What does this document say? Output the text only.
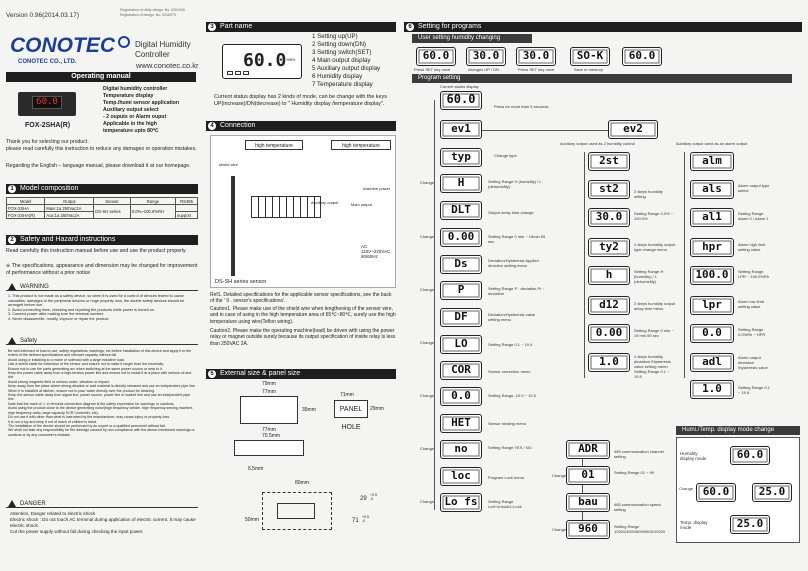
Version 0.96(2014.03.17)
Registration of utility design: No. 0301006
Registration of design: No. 0316973
CONOTEC
CONOTEC CO., LTD.
Digital Humidity
Controller
www.conotec.co.kr
Operating manual
60.0
FOX-2SHA(R)
Digital humidity controller
Temperature display
Temp./humi sensor application
Auxiliary output select
- 2 ouputs or Alarm ouput
Applicable in the high
temperature upto 80℃
Thank you for selecting our product.
please read carefully this instruction to reduce any damages or operation mistakes.
Regarding the English – language manual, please download it at our homepage.
1 Model composition
Model	Output	Sensor	Range	RS485
FOX-2SHA	Main:1a 250Vac2A	DS-SH series	0.0%~100.0%RH	
FOX-2SHA(R)	Aux:1a 250Vac2A			support
2 Safety and Hazard instructions
Read carefully this instruction manual before use and use the product properly.
※ The specifications, appearance and dimension may be changed for improvement of performance without a prior notice
WARNING
1. This product is not made as a safety device, so when it is used for a control of devices feared to cause casualties, damages to the peripheral devices or huge property loss, the double safety devices should be arranged before use.
2. Avoid connecting lines, checking and repairing the products while power is turned on.
3. Connect power after making sure the terminal number.
4. Never disassemble, modify, improve or repair the product.
Safety
Be well-informed of how-to use, safety regulations, warnings, etc before installation of this device and apply it to the extent of the defined specifications and relevant capacity without fail.
Avoid using or installing to a motor or solenoid with a large inductive load.
Use a shield cable for extension of the sensor and ensure not to make it longer than the necessity.
Ensure not to use the parts generating arc when switching at the same power source or near to it.
Keep the power cable away from a high-tension power line and ensure not to install it at a place with serious oil and dirt.
Avoid strong magnetic field or serious noise, vibration or impact.
Keep away from the place where strong alkaline or acid material is directly released and use an independent pipe line.
When it is installed at kitchen, ensure not to pour water directly over the product for cleaning.
Keep the sensor cable away from signal line, power source, power line or loaded line and use an independent pipe line.
Note that the mark of ⚠ in terminal connection diagram is the safety expression for warnings or cautions.
Avoid using the product close to the device generating noise(high frequency welder, high frequency sewing machine, high frequency radio, large capacity SCR Controller, etc).
Do not use it with other than what is instructed by the manufacturer, may cause injury or property loss.
It is not a toy and keep it out of reach of children's hand.
The installation of the device should be performed by an expert or a qualified personnel without fail.
We shall not take any responsibility for the damage caused by non-compliance with the above-mentioned warnings or cautions or by any consumer's mistake.
DANGER
Attention, Danger related to electric shock
Electric shock : Do not touch AC terminal during application of electric current. It may cause electric shock.
Cut the power supply without fail during checking the input power.
3 Part name
60.0 %RH
1 Setting up(UP)
2 Setting down(DN)
3 Setting switch(SET)
4 Main output display
5 Auxiliary output display
6 Humidity display
7 Temperature display
Current status display has 2 kinds of mode, can be change with the keys UP(increase)/DN(decrease) to " Humidity display /temperature display".
4 Connection
high temperature	high temperature
shield wire
Auxiliary output	Main output
machine power
AC 110V~220VAC 50/60Hz
DS-SH series sensor
Ref1. Detailed specifications for the applicable sensor specifications, see the back of the ' 9 . sensor's specifications'.
Caution1. Please make use of the shield wire when lengthening of the sensor wire, and in case of using in the high temperature area of 65℃~80℃, surely use the high temperature using wire(Teflon wiring).
Caution2. Please make the operating machine(load) be driven with using the power relay or magnet outside surely because its output specification of inside relay is less than 250VAC 2A.
5 External size & panel size
79mm
77mm
35mm
71mm
PANEL HOLE
29mm
77mm
70.5mm
6.5mm
80mm
50mm
29
+0.5 -0
71
+0.5 -0
6 Setting for programs
User setting humidity changing
60.0	30.0	30.0	SO-K	60.0
Press SET key once	changes UP / DN	Press SET key once	Save in memory
Program setting
Current status display
60.0
Press for more than 5 seconds
ev1	ev2
Auxiliary output used as 2 humidity control	Auxiliary output used as an alarm output
typ
H
DLT
0.00
Ds
P
DF
LO
COR
0.0
HET
no
loc
Lo fs
Change type
Setting Range H (humidity) / L (dehumidify)
Output delay time change
Setting Range 0 min ~ 19min 59 sec
Deviation/Hysteresis Applied direction setting menu
Setting Range P : deviation Pr : deviation
Deviation/Hysteresis value setting menu
Setting Range 0.1 ~ 19.9
Sensor correction menu
Setting Range -10.0 ~ 10.0
Sensor heating menu
Setting Range YES / NO
Program Lock menu
Setting Range LoH:Unlock/L:Lock
Change
Change
Change
Change
Change
Change
Change
2st
st2
30.0
ty2
h
d12
0.00
1.0
2 steps humidity setting
Setting Range 0.0% ~ 100.0%
2 steps humidity output type change menu
Setting Range H (humidity) / L (dehumidify)
2 steps humidity output delay time menu
Setting Range 0 min ~ 19 min 59 sec
2 steps humidity deviation /Hysteresis value setting menu
Setting Range 0.1 ~ 19.9
alm
als
al1
hpr
100.0
lpr
0.0
adl
1.0
Alarm output type select
Setting Range Alarm 0 / Alarm 1
Alarm high limit setting value
Setting Range LPR ~ 100.0%Rh
Alarm low limit setting value
Setting Range 0.0%Rh ~ HPR
Alarm output deviation /hysteresis value
Setting Range 0.1 ~ 19.9
ADR
01
bau
960
485 communication channel setting
Setting Range 01 ~ 99
485 communication speed setting
Setting Range 1200/2400/4800/9600/19200
Change
Change
Humi./Temp. display mode change
Humidity display mode	60.0
Change 60.0	25.0
Temp. display mode	25.0
